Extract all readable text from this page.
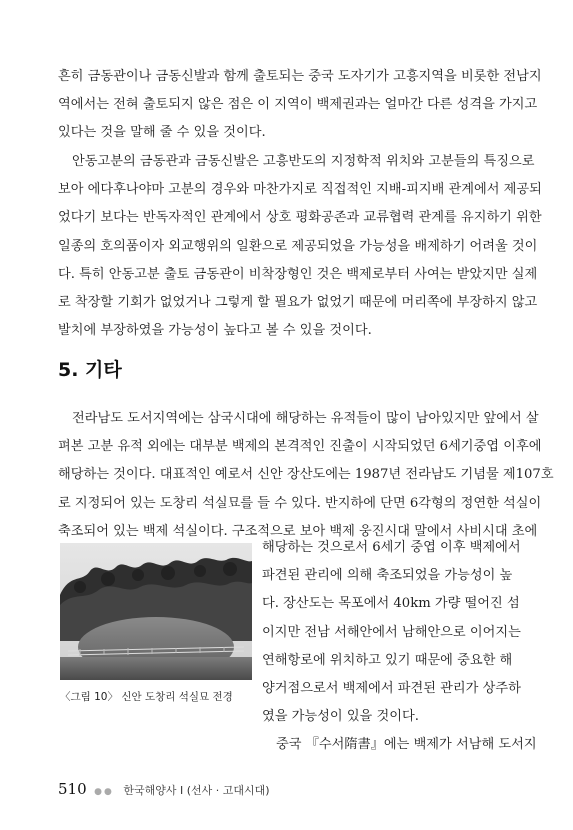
흔히 금동관이나 금동신발과 함께 출토되는 중국 도자기가 고흥지역을 비롯한 전남지
역에서는 전혀 출토되지 않은 점은 이 지역이 백제권과는 얼마간 다른 성격을 가지고
있다는 것을 말해 줄 수 있을 것이다.
안동고분의 금동관과 금동신발은 고흥반도의 지정학적 위치와 고분들의 특징으로
보아 에다후나야마 고분의 경우와 마찬가지로 직접적인 지배-피지배 관계에서 제공되
었다기 보다는 반독자적인 관계에서 상호 평화공존과 교류협력 관계를 유지하기 위한
일종의 호의품이자 외교행위의 일환으로 제공되었을 가능성을 배제하기 어려울 것이
다. 특히 안동고분 출토 금동관이 비착장형인 것은 백제로부터 사여는 받았지만 실제
로 착장할 기회가 없었거나 그렇게 할 필요가 없었기 때문에 머리쪽에 부장하지 않고
발치에 부장하였을 가능성이 높다고 볼 수 있을 것이다.
5. 기타
전라남도 도서지역에는 삼국시대에 해당하는 유적들이 많이 남아있지만 앞에서 살
펴본 고분 유적 외에는 대부분 백제의 본격적인 진출이 시작되었던 6세기중엽 이후에
해당하는 것이다. 대표적인 예로서 신안 장산도에는 1987년 전라남도 기념물 제107호
로 지정되어 있는 도창리 석실묘를 들 수 있다. 반지하에 단면 6각형의 정연한 석실이
축조되어 있는 백제 석실이다. 구조적으로 보아 백제 웅진시대 말에서 사비시대 초에
〈그림 10〉 신안 도창리 석실묘 전경
해당하는 것으로서 6세기 중엽 이후 백제에서
파견된 관리에 의해 축조되었을 가능성이 높
다. 장산도는 목포에서 40km 가량 떨어진 섬
이지만 전남 서해안에서 남해안으로 이어지는
연해항로에 위치하고 있기 때문에 중요한 해
양거점으로서 백제에서 파견된 관리가 상주하
였을 가능성이 있을 것이다.
중국 『수서隋書』에는 백제가 서남해 도서지
510 ●● 한국해양사 Ⅰ (선사 · 고대시대)
